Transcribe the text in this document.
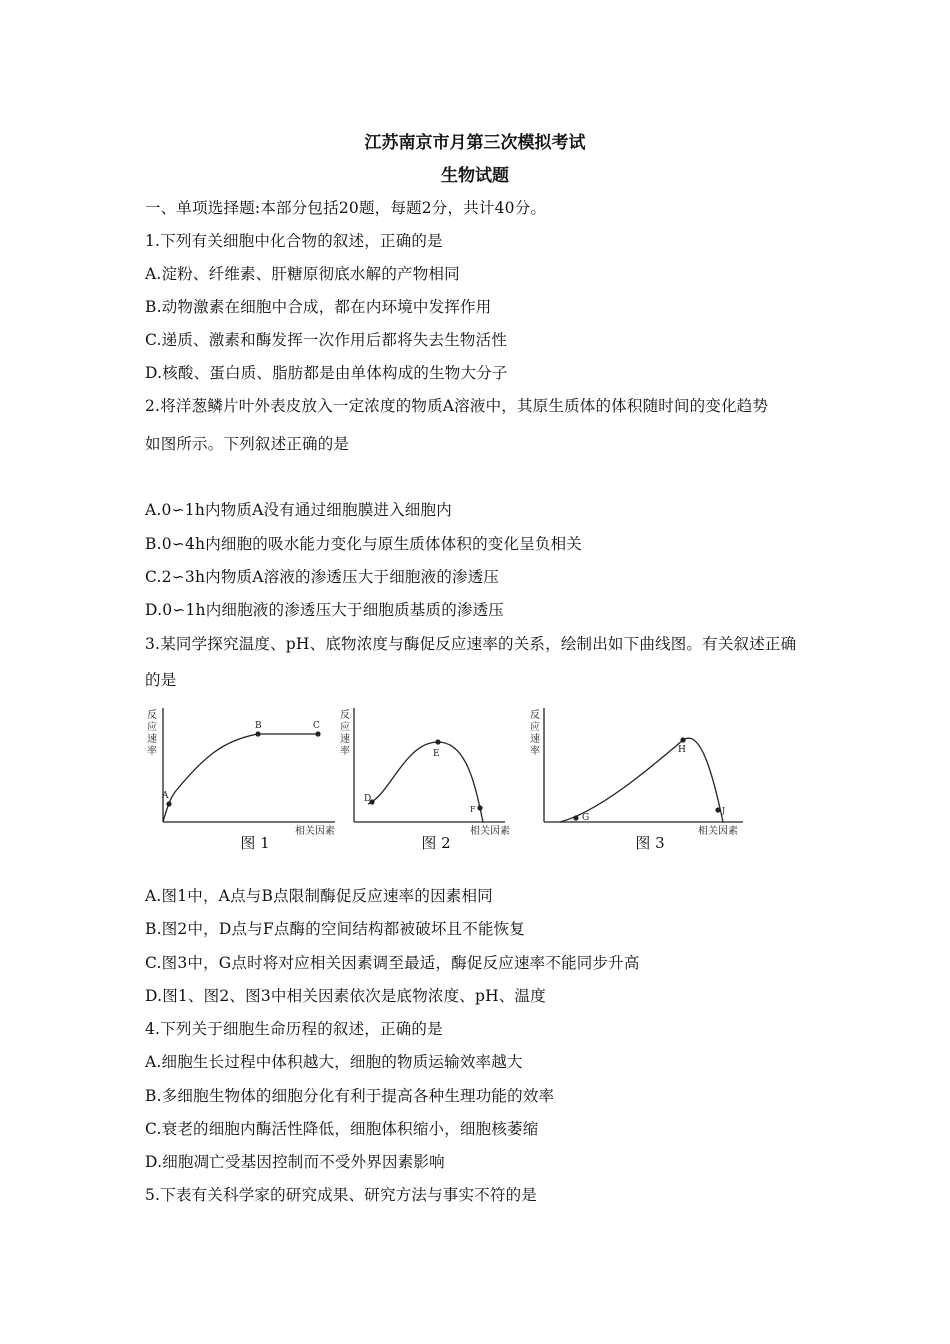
江苏南京市月第三次模拟考试
生物试题
一、单项选择题:本部分包括20题，每题2分，共计40分。
1.下列有关细胞中化合物的叙述，正确的是
A.淀粉、纤维素、肝糖原彻底水解的产物相同
B.动物激素在细胞中合成，都在内环境中发挥作用
C.递质、激素和酶发挥一次作用后都将失去生物活性
D.核酸、蛋白质、脂肪都是由单体构成的生物大分子
2.将洋葱鳞片叶外表皮放入一定浓度的物质A溶液中，其原生质体的体积随时间的变化趋势
如图所示。下列叙述正确的是
A.0∽1h内物质A没有通过细胞膜进入细胞内
B.0∽4h内细胞的吸水能力变化与原生质体体积的变化呈负相关
C.2∽3h内物质A溶液的渗透压大于细胞液的渗透压
D.0∽1h内细胞液的渗透压大于细胞质基质的渗透压
3.某同学探究温度、pH、底物浓度与酶促反应速率的关系，绘制出如下曲线图。有关叙述正确
的是
反
应
速
率
A
B	C
相关因素
图 1
反
应
速
率
D
E
F
相关因素
图 2
反
应
速
率
G
H
J
相关因素
图 3
A.图1中，A点与B点限制酶促反应速率的因素相同
B.图2中，D点与F点酶的空间结构都被破坏且不能恢复
C.图3中，G点时将对应相关因素调至最适，酶促反应速率不能同步升高
D.图1、图2、图3中相关因素依次是底物浓度、pH、温度
4.下列关于细胞生命历程的叙述，正确的是
A.细胞生长过程中体积越大，细胞的物质运输效率越大
B.多细胞生物体的细胞分化有利于提高各种生理功能的效率
C.衰老的细胞内酶活性降低，细胞体积缩小，细胞核萎缩
D.细胞凋亡受基因控制而不受外界因素影响
5.下表有关科学家的研究成果、研究方法与事实不符的是
